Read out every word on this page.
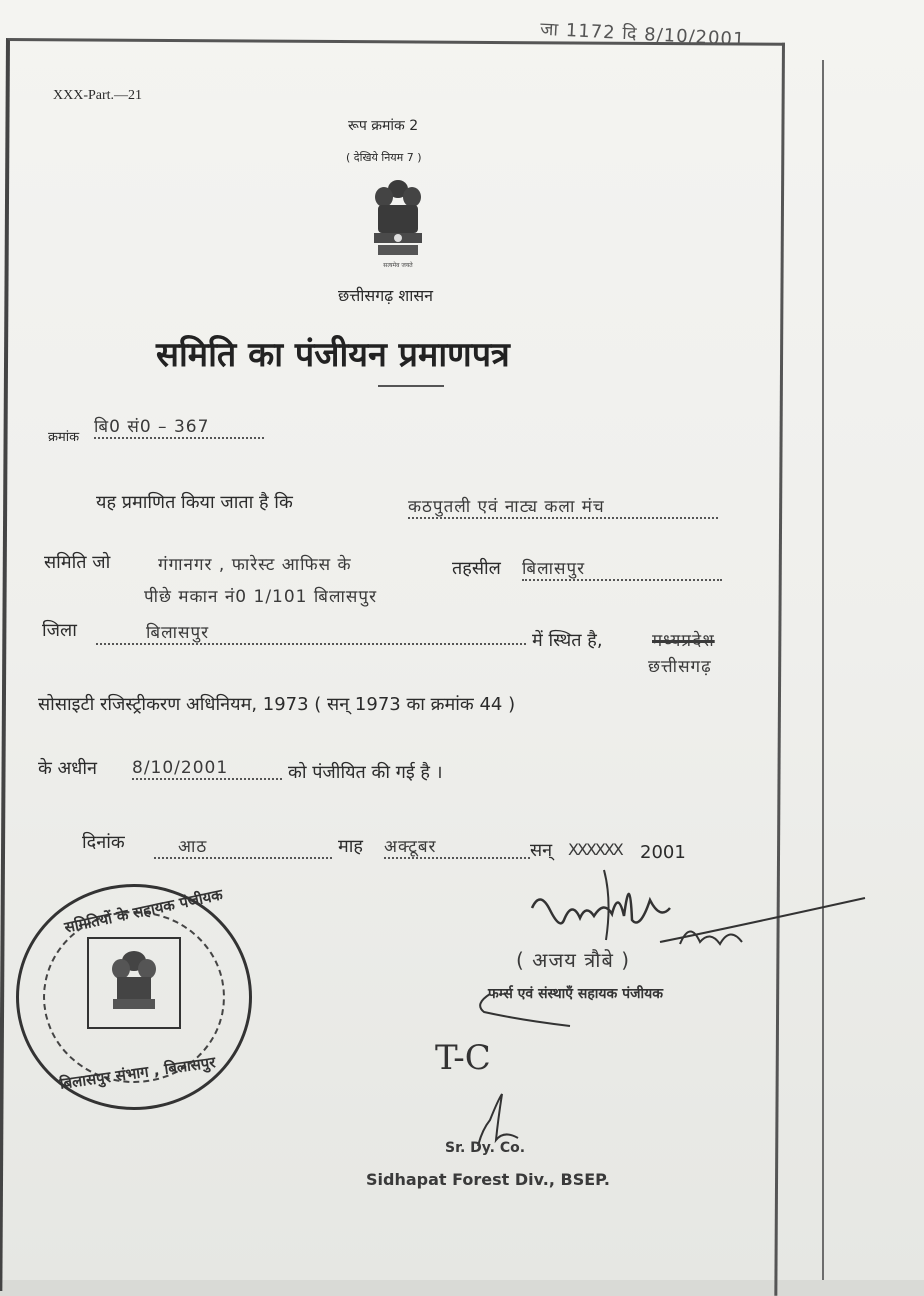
जा 1172 दि 8/10/2001
XXX-Part.—21
रूप क्रमांक 2
( देखिये नियम 7 )
सत्यमेव जयते
छत्तीसगढ़ शासन
समिति का पंजीयन प्रमाणपत्र
क्रमांक
बि0 सं0 – 367
यह प्रमाणित किया जाता है कि	कठपुतली एवं नाट्य कला मंच
समिति जो	गंगानगर , फारेस्ट आफिस के	तहसील बिलासपुर
पीछे मकान नं0 1/101 बिलासपुर
जिला	बिलासपुर	में स्थित है,	मध्यप्रदेश
छत्तीसगढ़
सोसाइटी रजिस्ट्रीकरण अधिनियम, 1973 ( सन् 1973 का क्रमांक 44 )
के अधीन 8/10/2001	को पंजीयित की गई है ।
दिनांक	आठ	माह अक्टूबर	सन् XXXXXX	2001
( अजय त्रौबे )
फर्म्स एवं संस्थाएँ सहायक पंजीयक
समितियों के सहायक पंजीयक
बिलासपुर संभाग , बिलासपुर	T-C
Sr. Dy. Co.
Sidhapat Forest Div., BSEP.
